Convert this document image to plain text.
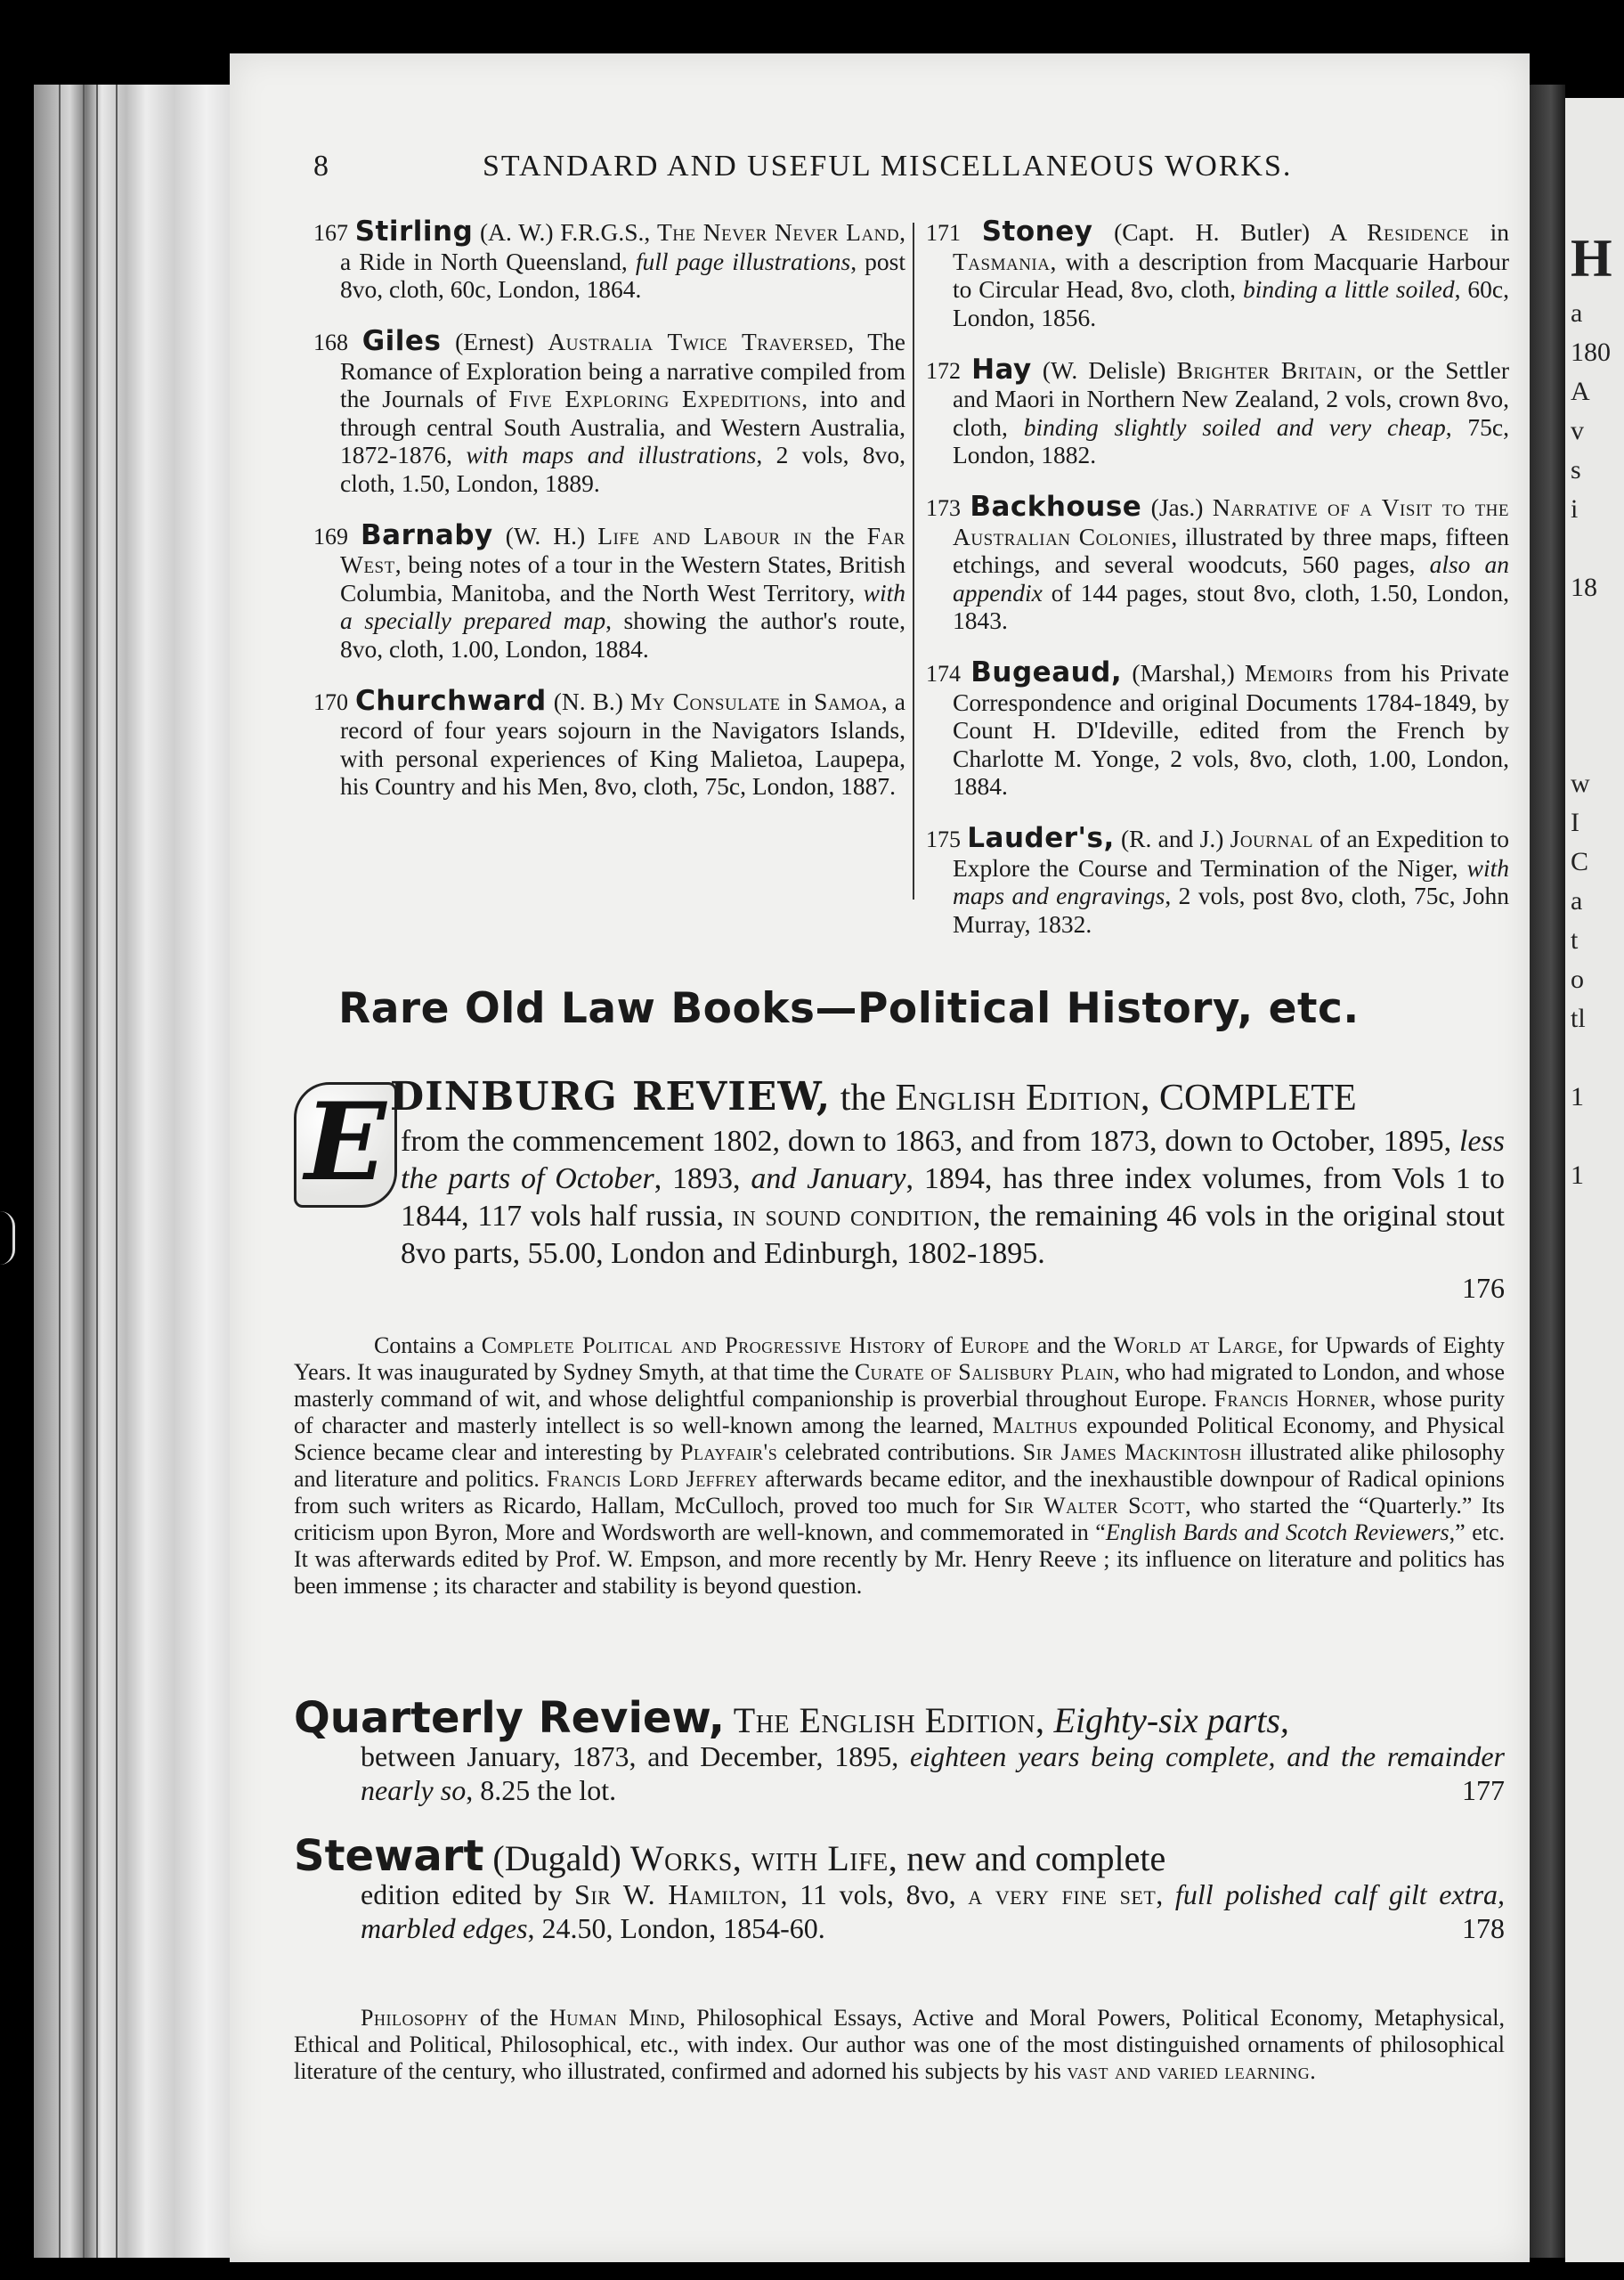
H
a
180
A
v
s
i

18

w
I
C
a
t
o
tl

1

1
8	STANDARD AND USEFUL MISCELLANEOUS WORKS.

167 Stirling (A. W.) F.R.G.S., The Never Never Land, a Ride in North Queensland, full page illustrations, post 8vo, cloth, 60c, London, 1864.

168 Giles (Ernest) Australia Twice Traversed, The Romance of Exploration being a narrative compiled from the Journals of Five Exploring Expeditions, into and through central South Australia, and Western Australia, 1872-1876, with maps and illustrations, 2 vols, 8vo, cloth, 1.50, London, 1889.

169 Barnaby (W. H.) Life and Labour in the Far West, being notes of a tour in the Western States, British Columbia, Manitoba, and the North West Territory, with a specially prepared map, showing the author's route, 8vo, cloth, 1.00, London, 1884.

170 Churchward (N. B.) My Consulate in Samoa, a record of four years sojourn in the Navigators Islands, with personal experiences of King Malietoa, Laupepa, his Country and his Men, 8vo, cloth, 75c, London, 1887.

171 Stoney (Capt. H. Butler) A Residence in Tasmania, with a description from Macquarie Harbour to Circular Head, 8vo, cloth, binding a little soiled, 60c, London, 1856.

172 Hay (W. Delisle) Brighter Britain, or the Settler and Maori in Northern New Zealand, 2 vols, crown 8vo, cloth, binding slightly soiled and very cheap, 75c, London, 1882.

173 Backhouse (Jas.) Narrative of a Visit to the Australian Colonies, illustrated by three maps, fifteen etchings, and several woodcuts, 560 pages, also an appendix of 144 pages, stout 8vo, cloth, 1.50, London, 1843.

174 Bugeaud, (Marshal,) Memoirs from his Private Correspondence and original Documents 1784-1849, by Count H. D'Ideville, edited from the French by Charlotte M. Yonge, 2 vols, 8vo, cloth, 1.00, London, 1884.

175 Lauder's, (R. and J.) Journal of an Expedition to Explore the Course and Termination of the Niger, with maps and engravings, 2 vols, post 8vo, cloth, 75c, John Murray, 1832.

Rare Old Law Books—Political History, etc.
E DINBURG REVIEW, the English Edition, COMPLETE
from the commencement 1802, down to 1863, and from 1873, down to October, 1895, less the parts of October, 1893, and January, 1894, has three index volumes, from Vols 1 to 1844, 117 vols half russia, in sound condition, the remaining 46 vols in the original stout 8vo parts, 55.00, London and Edinburgh, 1802-1895.
176

Contains a Complete Political and Progressive History of Europe and the World at Large, for Upwards of Eighty Years. It was inaugurated by Sydney Smyth, at that time the Curate of Salisbury Plain, who had migrated to London, and whose masterly command of wit, and whose delightful companionship is proverbial throughout Europe. Francis Horner, whose purity of character and masterly intellect is so well-known among the learned, Malthus expounded Political Economy, and Physical Science became clear and interesting by Playfair's celebrated contributions. Sir James Mackintosh illustrated alike philosophy and literature and politics. Francis Lord Jeffrey afterwards became editor, and the inexhaustible downpour of Radical opinions from such writers as Ricardo, Hallam, McCulloch, proved too much for Sir Walter Scott, who started the “Quarterly.” Its criticism upon Byron, More and Wordsworth are well-known, and commemorated in “English Bards and Scotch Reviewers,” etc. It was afterwards edited by Prof. W. Empson, and more recently by Mr. Henry Reeve ; its influence on literature and politics has been immense ; its character and stability is beyond question.

Quarterly Review, The English Edition, Eighty-six parts,
between January, 1873, and December, 1895, eighteen years being complete, and the remainder nearly so, 8.25 the lot.	177
Stewart (Dugald) Works, with Life, new and complete
edition edited by Sir W. Hamilton, 11 vols, 8vo, a very fine set, full polished calf gilt extra, marbled edges, 24.50, London, 1854-60.	178

Philosophy of the Human Mind, Philosophical Essays, Active and Moral Powers, Political Economy, Metaphysical, Ethical and Political, Philosophical, etc., with index. Our author was one of the most distinguished ornaments of philosophical literature of the century, who illustrated, confirmed and adorned his subjects by his vast and varied learning.
